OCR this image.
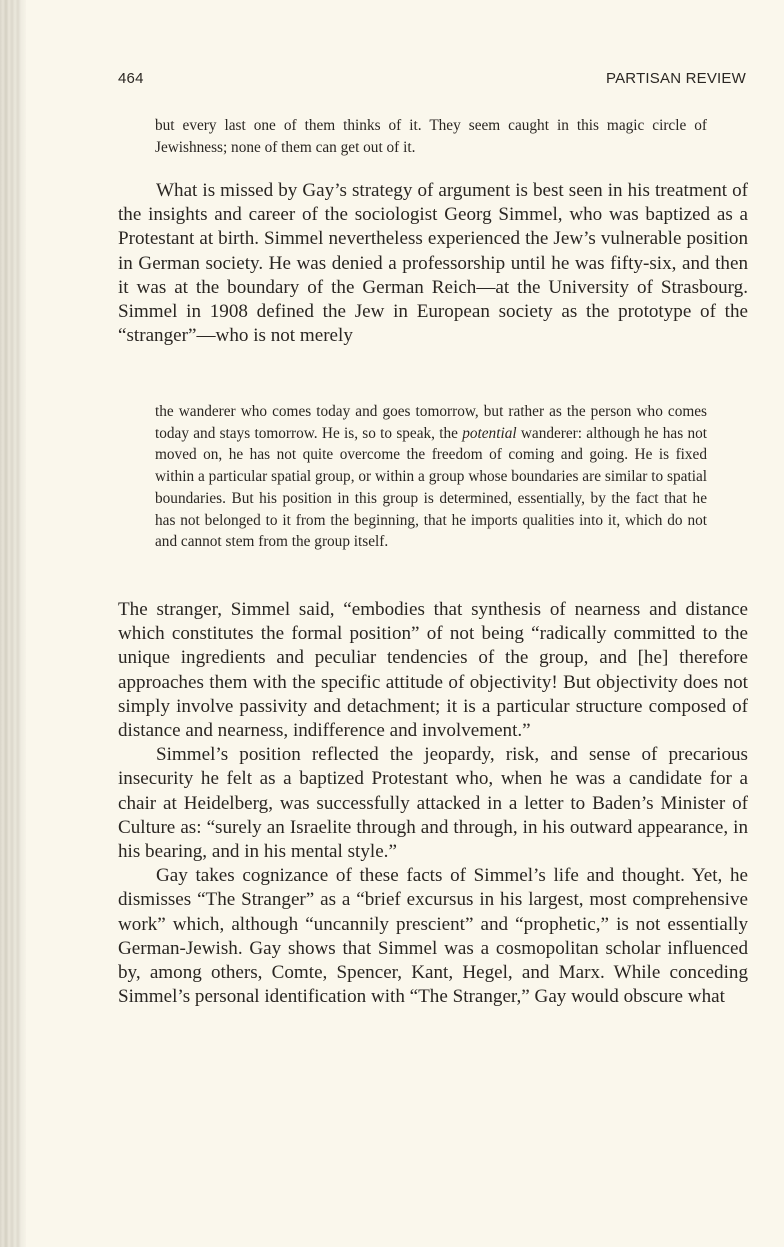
464	PARTISAN REVIEW

but every last one of them thinks of it. They seem caught in this magic circle of Jewishness; none of them can get out of it.

What is missed by Gay’s strategy of argument is best seen in his treatment of the insights and career of the sociologist Georg Simmel, who was baptized as a Protestant at birth. Simmel nevertheless experienced the Jew’s vulnerable position in German society. He was denied a professorship until he was fifty-six, and then it was at the boundary of the German Reich—at the University of Strasbourg. Simmel in 1908 defined the Jew in European society as the prototype of the “stranger”—who is not merely

the wanderer who comes today and goes tomorrow, but rather as the person who comes today and stays tomorrow. He is, so to speak, the potential wanderer: although he has not moved on, he has not quite overcome the freedom of coming and going. He is fixed within a particular spatial group, or within a group whose boundaries are similar to spatial boundaries. But his position in this group is determined, essentially, by the fact that he has not belonged to it from the beginning, that he imports qualities into it, which do not and cannot stem from the group itself.

The stranger, Simmel said, “embodies that synthesis of nearness and distance which constitutes the formal position” of not being “radically committed to the unique ingredients and peculiar tendencies of the group, and [he] therefore approaches them with the specific attitude of objectivity! But objectivity does not simply involve passivity and detachment; it is a particular structure composed of distance and nearness, indifference and involvement.”

Simmel’s position reflected the jeopardy, risk, and sense of precarious insecurity he felt as a baptized Protestant who, when he was a candidate for a chair at Heidelberg, was successfully attacked in a letter to Baden’s Minister of Culture as: “surely an Israelite through and through, in his outward appearance, in his bearing, and in his mental style.”

Gay takes cognizance of these facts of Simmel’s life and thought. Yet, he dismisses “The Stranger” as a “brief excursus in his largest, most comprehensive work” which, although “uncannily prescient” and “prophetic,” is not essentially German-Jewish. Gay shows that Simmel was a cosmopolitan scholar influenced by, among others, Comte, Spencer, Kant, Hegel, and Marx. While conceding Simmel’s personal identification with “The Stranger,” Gay would obscure what
